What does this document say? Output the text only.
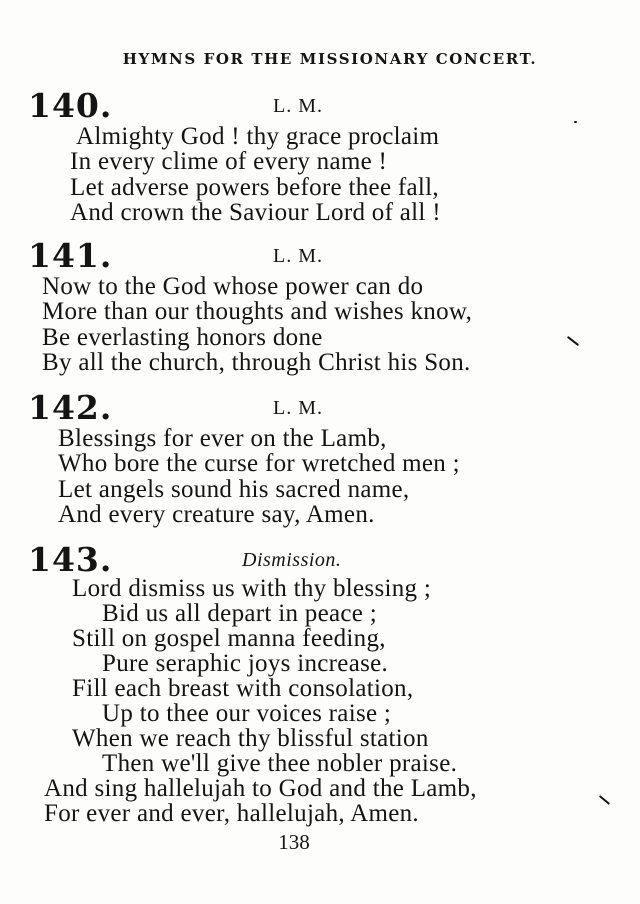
HYMNS FOR THE MISSIONARY CONCERT.
140.	L. M.
Almighty God ! thy grace proclaim
In every clime of every name !
Let adverse powers before thee fall,
And crown the Saviour Lord of all !
141.	L. M.
Now to the God whose power can do
More than our thoughts and wishes know,
Be everlasting honors done
By all the church, through Christ his Son.
142.	L. M.
Blessings for ever on the Lamb,
Who bore the curse for wretched men ;
Let angels sound his sacred name,
And every creature say, Amen.
143.	Dismission.
Lord dismiss us with thy blessing ;
Bid us all depart in peace ;
Still on gospel manna feeding,
Pure seraphic joys increase.
Fill each breast with consolation,
Up to thee our voices raise ;
When we reach thy blissful station
Then we'll give thee nobler praise.
And sing hallelujah to God and the Lamb,
For ever and ever, hallelujah, Amen.
138
